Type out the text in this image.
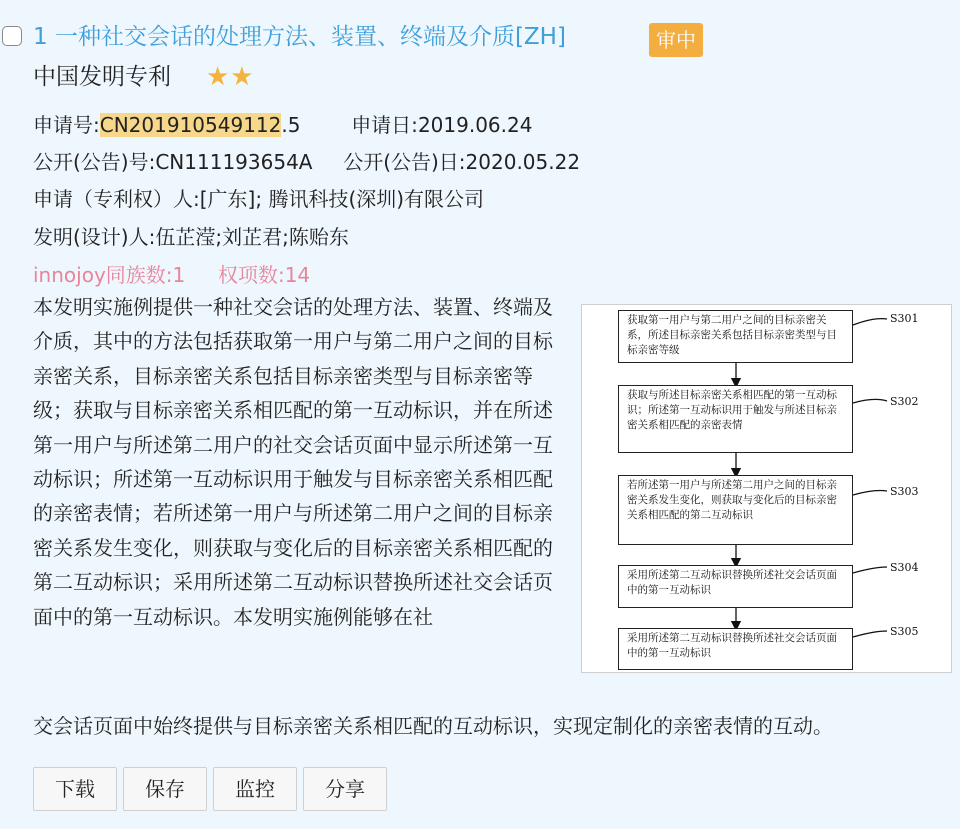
1 一种社交会话的处理方法、装置、终端及介质[ZH]	审中
中国发明专利 ★★
申请号:CN201910549112.5	申请日:2019.06.24
公开(公告)号:CN111193654A 公开(公告)日:2020.05.22
申请（专利权）人:[广东]; 腾讯科技(深圳)有限公司
发明(设计)人:伍芷滢;刘芷君;陈贻东
innojoy同族数:1 权项数:14
本发明实施例提供一种社交会话的处理方法、装置、终端及介质，其中的方法包括获取第一用户与第二用户之间的目标亲密关系，目标亲密关系包括目标亲密类型与目标亲密等级；获取与目标亲密关系相匹配的第一互动标识，并在所述第一用户与所述第二用户的社交会话页面中显示所述第一互动标识；所述第一互动标识用于触发与目标亲密关系相匹配的亲密表情；若所述第一用户与所述第二用户之间的目标亲密关系发生变化，则获取与变化后的目标亲密关系相匹配的第二互动标识；采用所述第二互动标识替换所述社交会话页面中的第一互动标识。本发明实施例能够在社
交会话页面中始终提供与目标亲密关系相匹配的互动标识，实现定制化的亲密表情的互动。
获取第一用户与第二用户之间的目标亲密关系，所述目标亲密关系包括目标亲密类型与目标亲密等级
S301
获取与所述目标亲密关系相匹配的第一互动标识；所述第一互动标识用于触发与所述目标亲密关系相匹配的亲密表情
S302
若所述第一用户与所述第二用户之间的目标亲密关系发生变化，则获取与变化后的目标亲密关系相匹配的第二互动标识
S303
采用所述第二互动标识替换所述社交会话页面中的第一互动标识
S304
采用所述第二互动标识替换所述社交会话页面中的第一互动标识
S305
下载	保存	监控	分享
